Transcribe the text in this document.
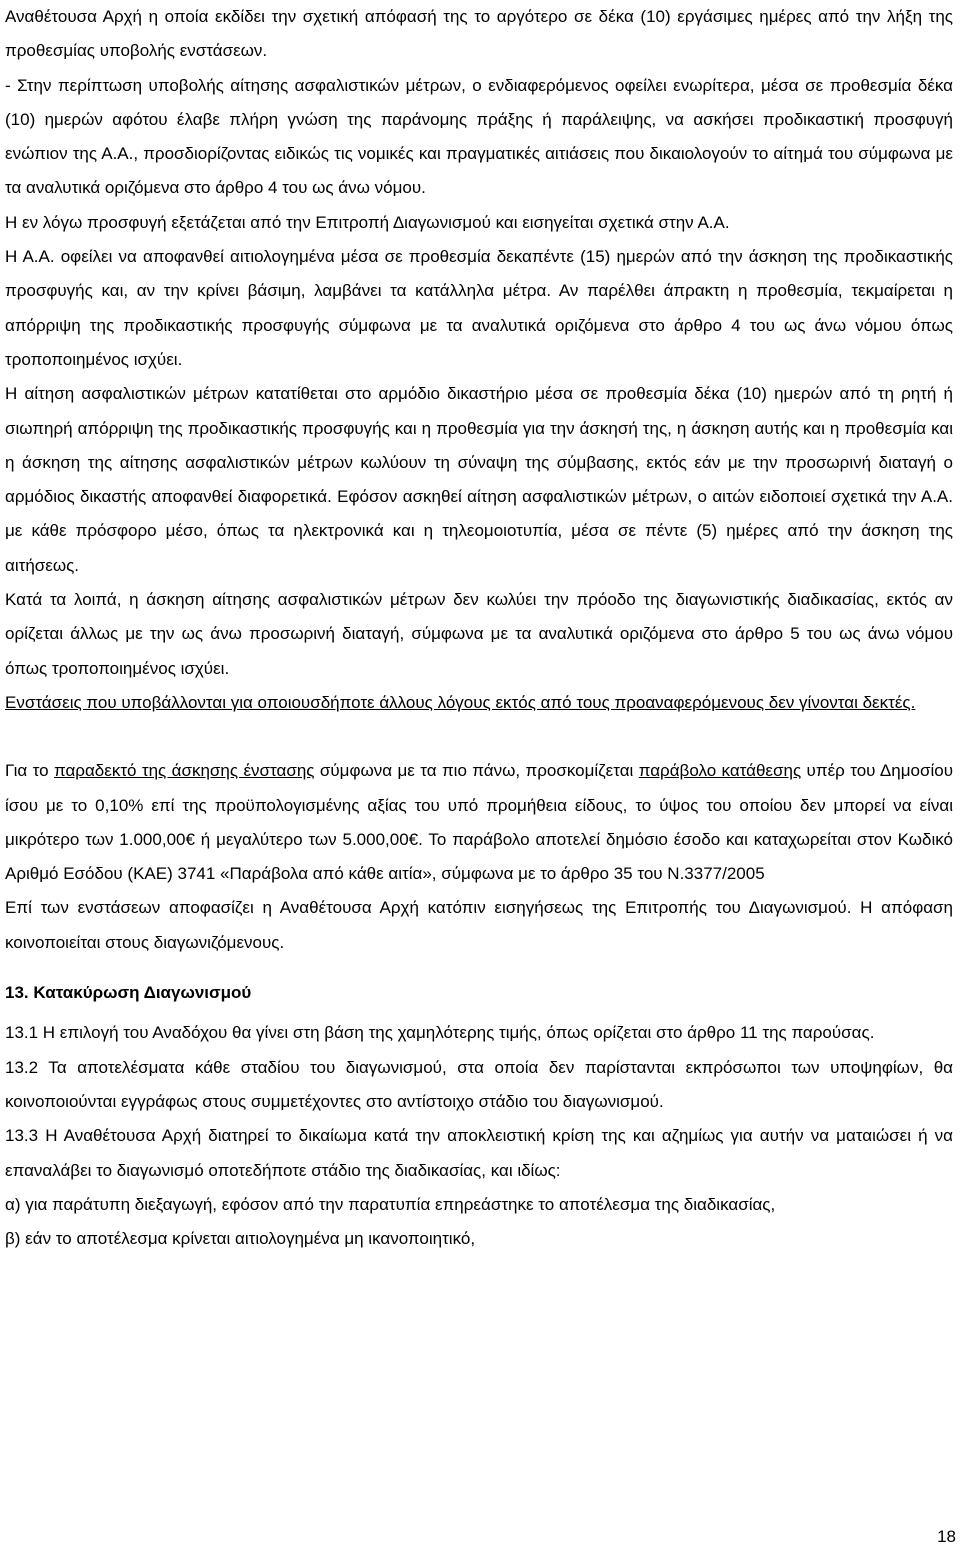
Αναθέτουσα Αρχή η οποία εκδίδει την σχετική απόφασή της το αργότερο σε δέκα (10) εργάσιμες ημέρες από την λήξη της προθεσμίας υποβολής ενστάσεων.

- Στην περίπτωση υποβολής αίτησης ασφαλιστικών μέτρων, ο ενδιαφερόμενος οφείλει ενωρίτερα, μέσα σε προθεσμία δέκα (10) ημερών αφότου έλαβε πλήρη γνώση της παράνομης πράξης ή παράλειψης, να ασκήσει προδικαστική προσφυγή ενώπιον της Α.Α., προσδιορίζοντας ειδικώς τις νομικές και πραγματικές αιτιάσεις που δικαιολογούν το αίτημά του σύμφωνα με τα αναλυτικά οριζόμενα στο άρθρο 4 του ως άνω νόμου.

Η εν λόγω προσφυγή εξετάζεται από την Επιτροπή Διαγωνισμού και εισηγείται σχετικά στην Α.Α.

Η Α.Α. οφείλει να αποφανθεί αιτιολογημένα μέσα σε προθεσμία δεκαπέντε (15) ημερών από την άσκηση της προδικαστικής προσφυγής και, αν την κρίνει βάσιμη, λαμβάνει τα κατάλληλα μέτρα. Αν παρέλθει άπρακτη η προθεσμία, τεκμαίρεται η απόρριψη της προδικαστικής προσφυγής σύμφωνα με τα αναλυτικά οριζόμενα στο άρθρο 4 του ως άνω νόμου όπως τροποποιημένος ισχύει.

Η αίτηση ασφαλιστικών μέτρων κατατίθεται στο αρμόδιο δικαστήριο μέσα σε προθεσμία δέκα (10) ημερών από τη ρητή ή σιωπηρή απόρριψη της προδικαστικής προσφυγής και η προθεσμία για την άσκησή της, η άσκηση αυτής και η προθεσμία και η άσκηση της αίτησης ασφαλιστικών μέτρων κωλύουν τη σύναψη της σύμβασης, εκτός εάν με την προσωρινή διαταγή ο αρμόδιος δικαστής αποφανθεί διαφορετικά. Εφόσον ασκηθεί αίτηση ασφαλιστικών μέτρων, ο αιτών ειδοποιεί σχετικά την Α.Α. με κάθε πρόσφορο μέσο, όπως τα ηλεκτρονικά και η τηλεομοιοτυπία, μέσα σε πέντε (5) ημέρες από την άσκηση της αιτήσεως.

Κατά τα λοιπά, η άσκηση αίτησης ασφαλιστικών μέτρων δεν κωλύει την πρόοδο της διαγωνιστικής διαδικασίας, εκτός αν ορίζεται άλλως με την ως άνω προσωρινή διαταγή, σύμφωνα με τα αναλυτικά οριζόμενα στο άρθρο 5 του ως άνω νόμου όπως τροποποιημένος ισχύει.

Ενστάσεις που υποβάλλονται για οποιουσδήποτε άλλους λόγους εκτός από τους προαναφερόμενους δεν γίνονται δεκτές.

Για το παραδεκτό της άσκησης ένστασης σύμφωνα με τα πιο πάνω, προσκομίζεται παράβολο κατάθεσης υπέρ του Δημοσίου ίσου με το 0,10% επί της προϋπολογισμένης αξίας του υπό προμήθεια είδους, το ύψος του οποίου δεν μπορεί να είναι μικρότερο των 1.000,00€ ή μεγαλύτερο των 5.000,00€. Το παράβολο αποτελεί δημόσιο έσοδο και καταχωρείται στον Κωδικό Αριθμό Εσόδου (ΚΑΕ) 3741 «Παράβολα από κάθε αιτία», σύμφωνα με το άρθρο 35 του Ν.3377/2005

Επί των ενστάσεων αποφασίζει η Αναθέτουσα Αρχή κατόπιν εισηγήσεως της Επιτροπής του Διαγωνισμού. Η απόφαση κοινοποιείται στους διαγωνιζόμενους.

13. Κατακύρωση Διαγωνισμού

13.1 Η επιλογή του Αναδόχου θα γίνει στη βάση της χαμηλότερης τιμής, όπως ορίζεται στο άρθρο 11 της παρούσας.

13.2 Τα αποτελέσματα κάθε σταδίου του διαγωνισμού, στα οποία δεν παρίστανται εκπρόσωποι των υποψηφίων, θα κοινοποιούνται εγγράφως στους συμμετέχοντες στο αντίστοιχο στάδιο του διαγωνισμού.

13.3 Η Αναθέτουσα Αρχή διατηρεί το δικαίωμα κατά την αποκλειστική κρίση της και αζημίως για αυτήν να ματαιώσει ή να επαναλάβει το διαγωνισμό οποτεδήποτε στάδιο της διαδικασίας, και ιδίως:

α) για παράτυπη διεξαγωγή, εφόσον από την παρατυπία επηρεάστηκε το αποτέλεσμα της διαδικασίας,

β) εάν το αποτέλεσμα κρίνεται αιτιολογημένα μη ικανοποιητικό,

18
